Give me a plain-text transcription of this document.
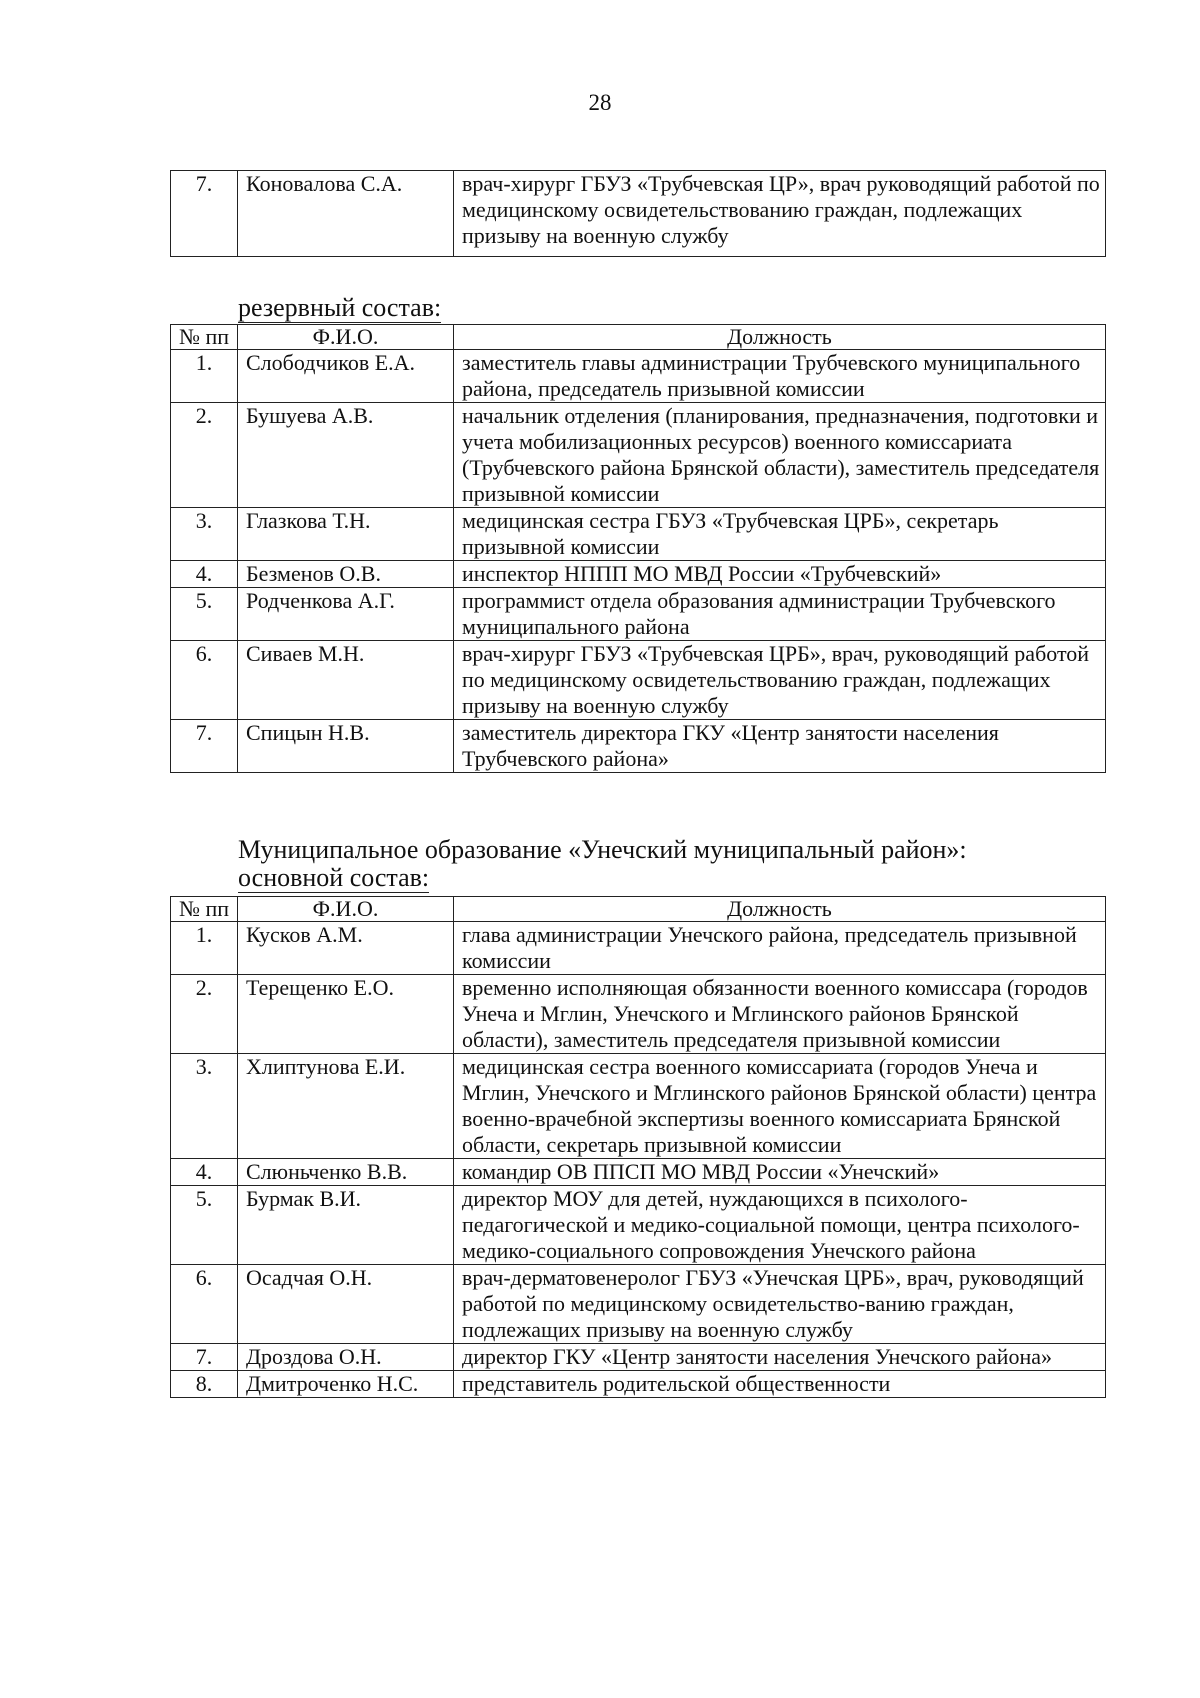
28
7.	Коновалова С.А.	врач-хирург ГБУЗ «Трубчевская ЦР», врач руководящий работой по медицинскому освидетельствованию граждан, подлежащих призыву на военную службу
резервный состав:
№ пп	Ф.И.О.	Должность
1.	Слободчиков Е.А.	заместитель главы администрации Трубчевского муниципального района, председатель призывной комиссии
2.	Бушуева А.В.	начальник отделения (планирования, предназначения, подготовки и учета мобилизационных ресурсов) военного комиссариата (Трубчевского района Брянской области), заместитель председателя призывной комиссии
3.	Глазкова Т.Н.	медицинская сестра ГБУЗ «Трубчевская ЦРБ», секретарь призывной комиссии
4.	Безменов О.В.	инспектор НППП МО МВД России «Трубчевский»
5.	Родченкова А.Г.	программист отдела образования администрации Трубчевского муниципального района
6.	Сиваев М.Н.	врач-хирург ГБУЗ «Трубчевская ЦРБ», врач, руководящий работой по медицинскому освидетельствованию граждан, подлежащих призыву на военную службу
7.	Спицын Н.В.	заместитель директора ГКУ «Центр занятости населения Трубчевского района»
Муниципальное образование «Унечский муниципальный район»:
основной состав:
№ пп	Ф.И.О.	Должность
1.	Кусков А.М.	глава администрации Унечского района, председатель призывной комиссии
2.	Терещенко Е.О.	временно исполняющая обязанности военного комиссара (городов Унеча и Мглин, Унечского и Мглинского районов Брянской области), заместитель председателя призывной комиссии
3.	Хлиптунова Е.И.	медицинская сестра военного комиссариата (городов Унеча и Мглин, Унечского и Мглинского районов Брянской области) центра военно-врачебной экспертизы военного комиссариата Брянской области, секретарь призывной комиссии
4.	Слюньченко В.В.	командир ОВ ППСП МО МВД России «Унечский»
5.	Бурмак В.И.	директор МОУ для детей, нуждающихся в психолого-педагогической и медико-социальной помощи, центра психолого-медико-социального сопровождения Унечского района
6.	Осадчая О.Н.	врач-дерматовенеролог ГБУЗ «Унечская ЦРБ», врач, руководящий работой по медицинскому освидетельство-ванию граждан, подлежащих призыву на военную службу
7.	Дроздова О.Н.	директор ГКУ «Центр занятости населения Унечского района»
8.	Дмитроченко Н.С.	представитель родительской общественности
